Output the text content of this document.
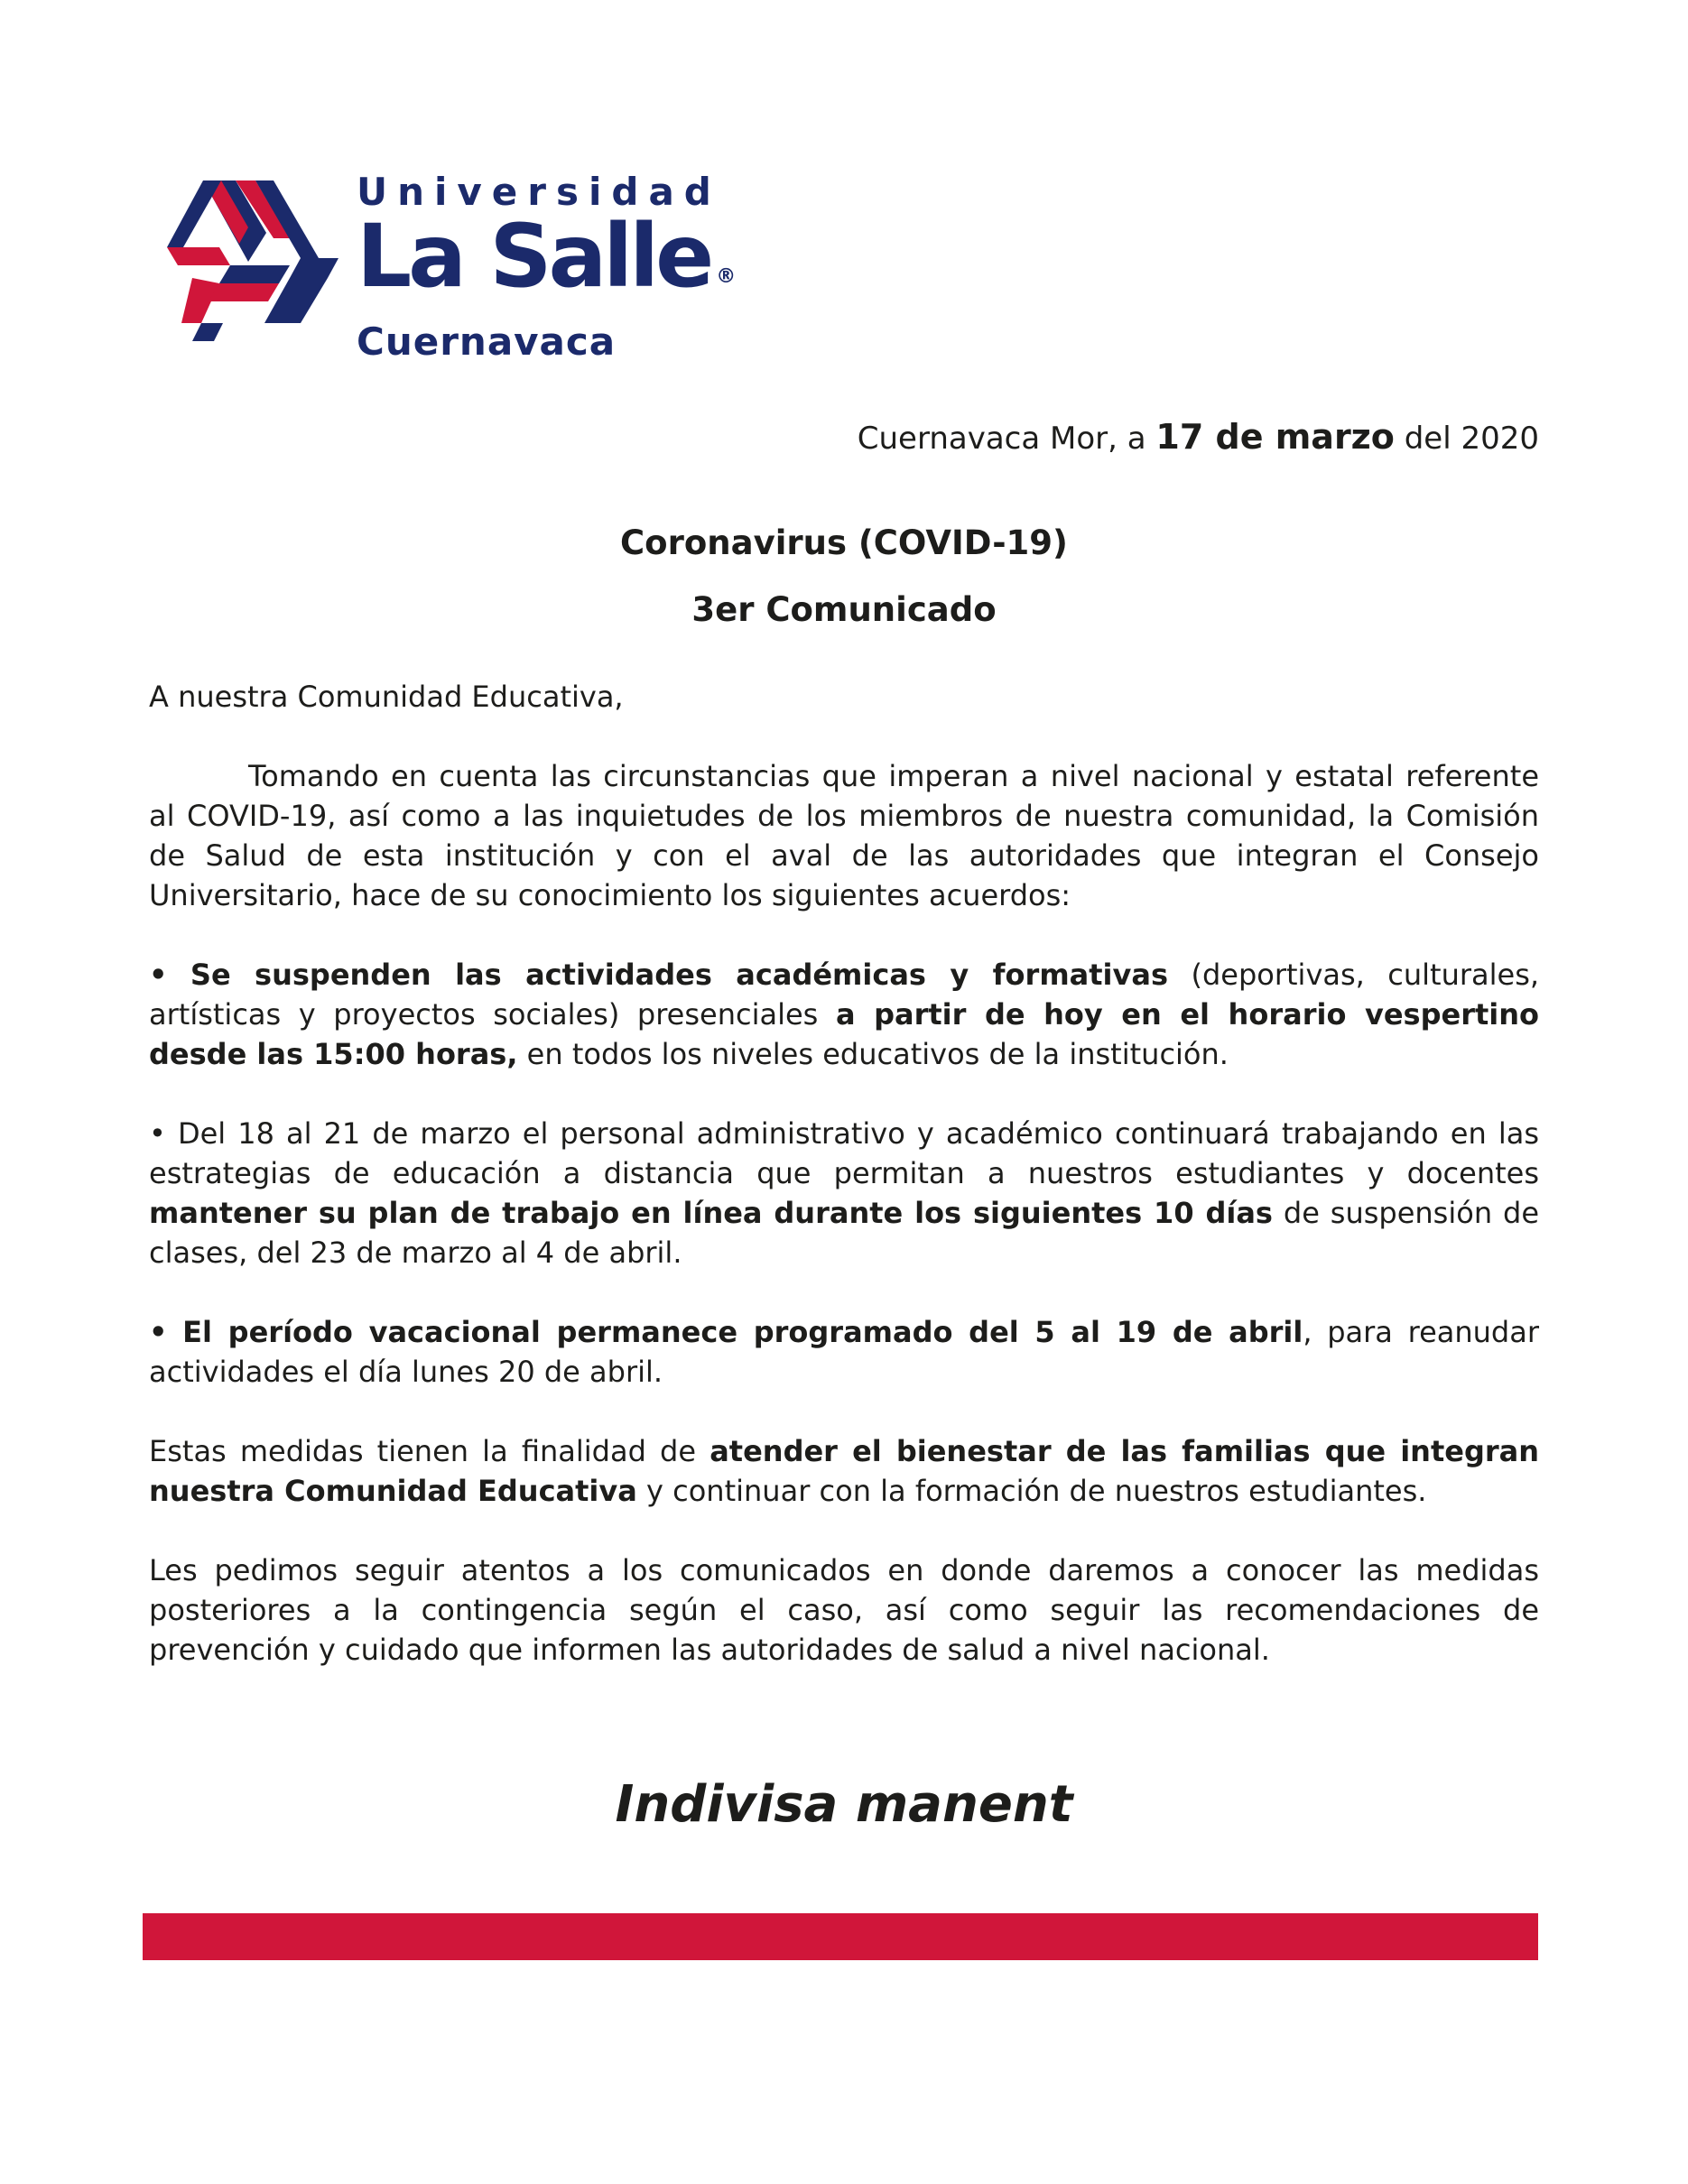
Universidad
La Salle ®
Cuernavaca
Cuernavaca Mor, a 17 de marzo del 2020
Coronavirus (COVID-19)
3er Comunicado

A nuestra Comunidad Educativa,

Tomando en cuenta las circunstancias que imperan a nivel nacional y estatal referente al COVID-19, así como a las inquietudes de los miembros de nuestra comunidad, la Comisión de Salud de esta institución y con el aval de las autoridades que integran el Consejo Universitario, hace de su conocimiento los siguientes acuerdos:

• Se suspenden las actividades académicas y formativas (deportivas, culturales, artísticas y proyectos sociales) presenciales a partir de hoy en el horario vespertino desde las 15:00 horas, en todos los niveles educativos de la institución.

• Del 18 al 21 de marzo el personal administrativo y académico continuará trabajando en las estrategias de educación a distancia que permitan a nuestros estudiantes y docentes mantener su plan de trabajo en línea durante los siguientes 10 días de suspensión de clases, del 23 de marzo al 4 de abril.

• El período vacacional permanece programado del 5 al 19 de abril, para reanudar actividades el día lunes 20 de abril.

Estas medidas tienen la finalidad de atender el bienestar de las familias que integran nuestra Comunidad Educativa y continuar con la formación de nuestros estudiantes.

Les pedimos seguir atentos a los comunicados en donde daremos a conocer las medidas posteriores a la contingencia según el caso, así como seguir las recomendaciones de prevención y cuidado que informen las autoridades de salud a nivel nacional.

Indivisa manent
